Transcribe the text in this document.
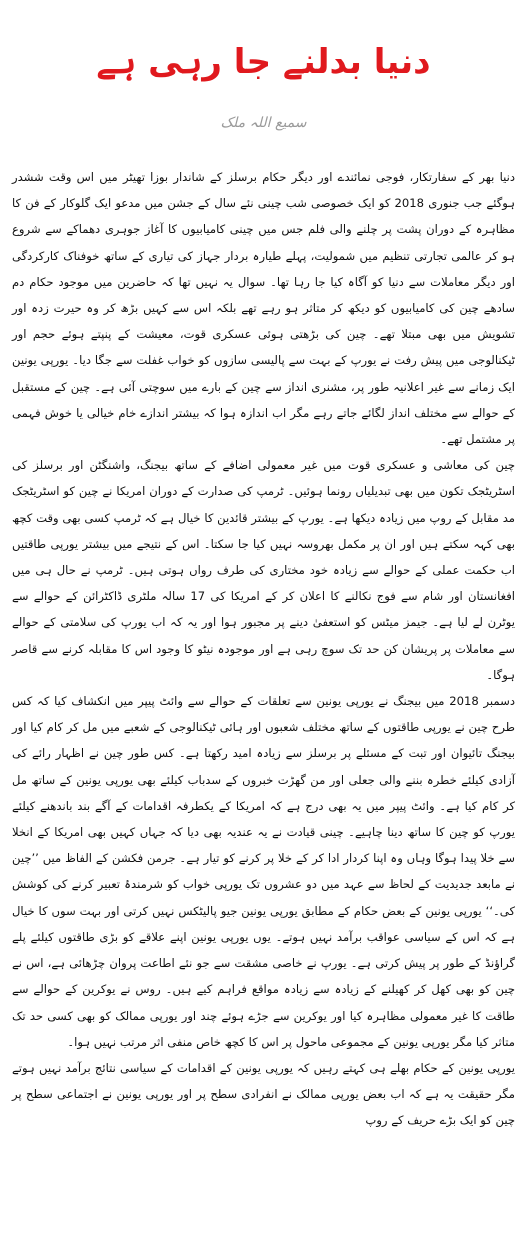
دنیا بدلنے جا رہی ہے

سمیع اللہ ملک

دنیا بھر کے سفارتکار، فوجی نمائندے اور دیگر حکام برسلز کے شاندار بوزا تھیٹر میں اس وقت ششدر ہوگئے جب جنوری 2018 کو ایک خصوصی شب چینی نئے سال کے جشن میں مدعو ایک گلوکار کے فن کا مظاہرہ کے دوران پشت پر چلنے والی فلم جس میں چینی کامیابیوں کا آغاز جوہری دھماکے سے شروع ہو کر عالمی تجارتی تنظیم میں شمولیت، پہلے طیارہ بردار جہاز کی تیاری کے ساتھ خوفناک کارکردگی اور دیگر معاملات سے دنیا کو آگاہ کیا جا رہا تھا۔ سوال یہ نہیں تھا کہ حاضرین میں موجود حکام دم سادھے چین کی کامیابیوں کو دیکھ کر متاثر ہو رہے تھے بلکہ اس سے کہیں بڑھ کر وہ حیرت زدہ اور تشویش میں بھی مبتلا تھے۔ چین کی بڑھتی ہوئی عسکری قوت، معیشت کے پنپتے ہوئے حجم اور ٹیکنالوجی میں پیش رفت نے یورپ کے بہت سے پالیسی سازوں کو خواب غفلت سے جگا دیا۔ یورپی یونین ایک زمانے سے غیر اعلانیہ طور پر، مشنری انداز سے چین کے بارے میں سوچتی آئی ہے۔ چین کے مستقبل کے حوالے سے مختلف انداز لگائے جاتے رہے مگر اب اندازہ ہوا کہ بیشتر اندازے خام خیالی یا خوش فہمی پر مشتمل تھے۔

چین کی معاشی و عسکری قوت میں غیر معمولی اضافے کے ساتھ بیجنگ، واشنگٹن اور برسلز کی اسٹریٹجک تکون میں بھی تبدیلیاں رونما ہوئیں۔ ٹرمپ کی صدارت کے دوران امریکا نے چین کو اسٹریٹجک مد مقابل کے روپ میں زیادہ دیکھا ہے۔ یورپ کے بیشتر قائدین کا خیال ہے کہ ٹرمپ کسی بھی وقت کچھ بھی کہہ سکتے ہیں اور ان پر مکمل بھروسہ نہیں کیا جا سکتا۔ اس کے نتیجے میں بیشتر یورپی طاقتیں اب حکمت عملی کے حوالے سے زیادہ خود مختاری کی طرف رواں ہوتی ہیں۔ ٹرمپ نے حال ہی میں افغانستان اور شام سے فوج نکالنے کا اعلان کر کے امریکا کی 17 سالہ ملٹری ڈاکٹرائن کے حوالے سے یوٹرن لے لیا ہے۔ جیمز میٹس کو استعفیٰ دینے پر مجبور ہوا اور یہ کہ اب یورپ کی سلامتی کے حوالے سے معاملات پر پریشان کن حد تک سوچ رہی ہے اور موجودہ نیٹو کا وجود اس کا مقابلہ کرنے سے قاصر ہوگا۔

دسمبر 2018 میں بیجنگ نے یورپی یونین سے تعلقات کے حوالے سے وائٹ پیپر میں انکشاف کیا کہ کس طرح چین نے یورپی طاقتوں کے ساتھ مختلف شعبوں اور ہائی ٹیکنالوجی کے شعبے میں مل کر کام کیا اور بیجنگ تائیوان اور تبت کے مسئلے پر برسلز سے زیادہ امید رکھتا ہے۔ کس طور چین نے اظہار رائے کی آزادی کیلئے خطرہ بننے والی جعلی اور من گھڑت خبروں کے سدباب کیلئے بھی یورپی یونین کے ساتھ مل کر کام کیا ہے۔ وائٹ پیپر میں یہ بھی درج ہے کہ امریکا کے یکطرفہ اقدامات کے آگے بند باندھنے کیلئے یورپ کو چین کا ساتھ دینا چاہیے۔ چینی قیادت نے یہ عندیہ بھی دیا کہ جہاں کہیں بھی امریکا کے انخلا سے خلا پیدا ہوگا وہاں وہ اپنا کردار ادا کر کے خلا پر کرنے کو تیار ہے۔ جرمن فکشن کے الفاظ میں ’’چین نے مابعد جدیدیت کے لحاظ سے عہد میں دو عشروں تک یورپی خواب کو شرمندۂ تعبیر کرنے کی کوشش کی۔‘‘ یورپی یونین کے بعض حکام کے مطابق یورپی یونین جیو پالیٹکس نہیں کرتی اور بہت سوں کا خیال ہے کہ اس کے سیاسی عواقب برآمد نہیں ہوتے۔ یوں یورپی یونین اپنے علاقے کو بڑی طاقتوں کیلئے پلے گراؤنڈ کے طور پر پیش کرتی ہے۔ یورپ نے خاصی مشقت سے جو نئے اطاعت پروان چڑھائی ہے، اس نے چین کو بھی کھل کر کھیلنے کے زیادہ سے زیادہ مواقع فراہم کیے ہیں۔ روس نے یوکرین کے حوالے سے طاقت کا غیر معمولی مظاہرہ کیا اور یوکرین سے جڑے ہوئے چند اور یورپی ممالک کو بھی کسی حد تک متاثر کیا مگر یورپی یونین کے مجموعی ماحول پر اس کا کچھ خاص منفی اثر مرتب نہیں ہوا۔

یورپی یونین کے حکام بھلے ہی کہتے رہیں کہ یورپی یونین کے اقدامات کے سیاسی نتائج برآمد نہیں ہوتے مگر حقیقت یہ ہے کہ اب بعض یورپی ممالک نے انفرادی سطح پر اور یورپی یونین نے اجتماعی سطح پر چین کو ایک بڑے حریف کے روپ
